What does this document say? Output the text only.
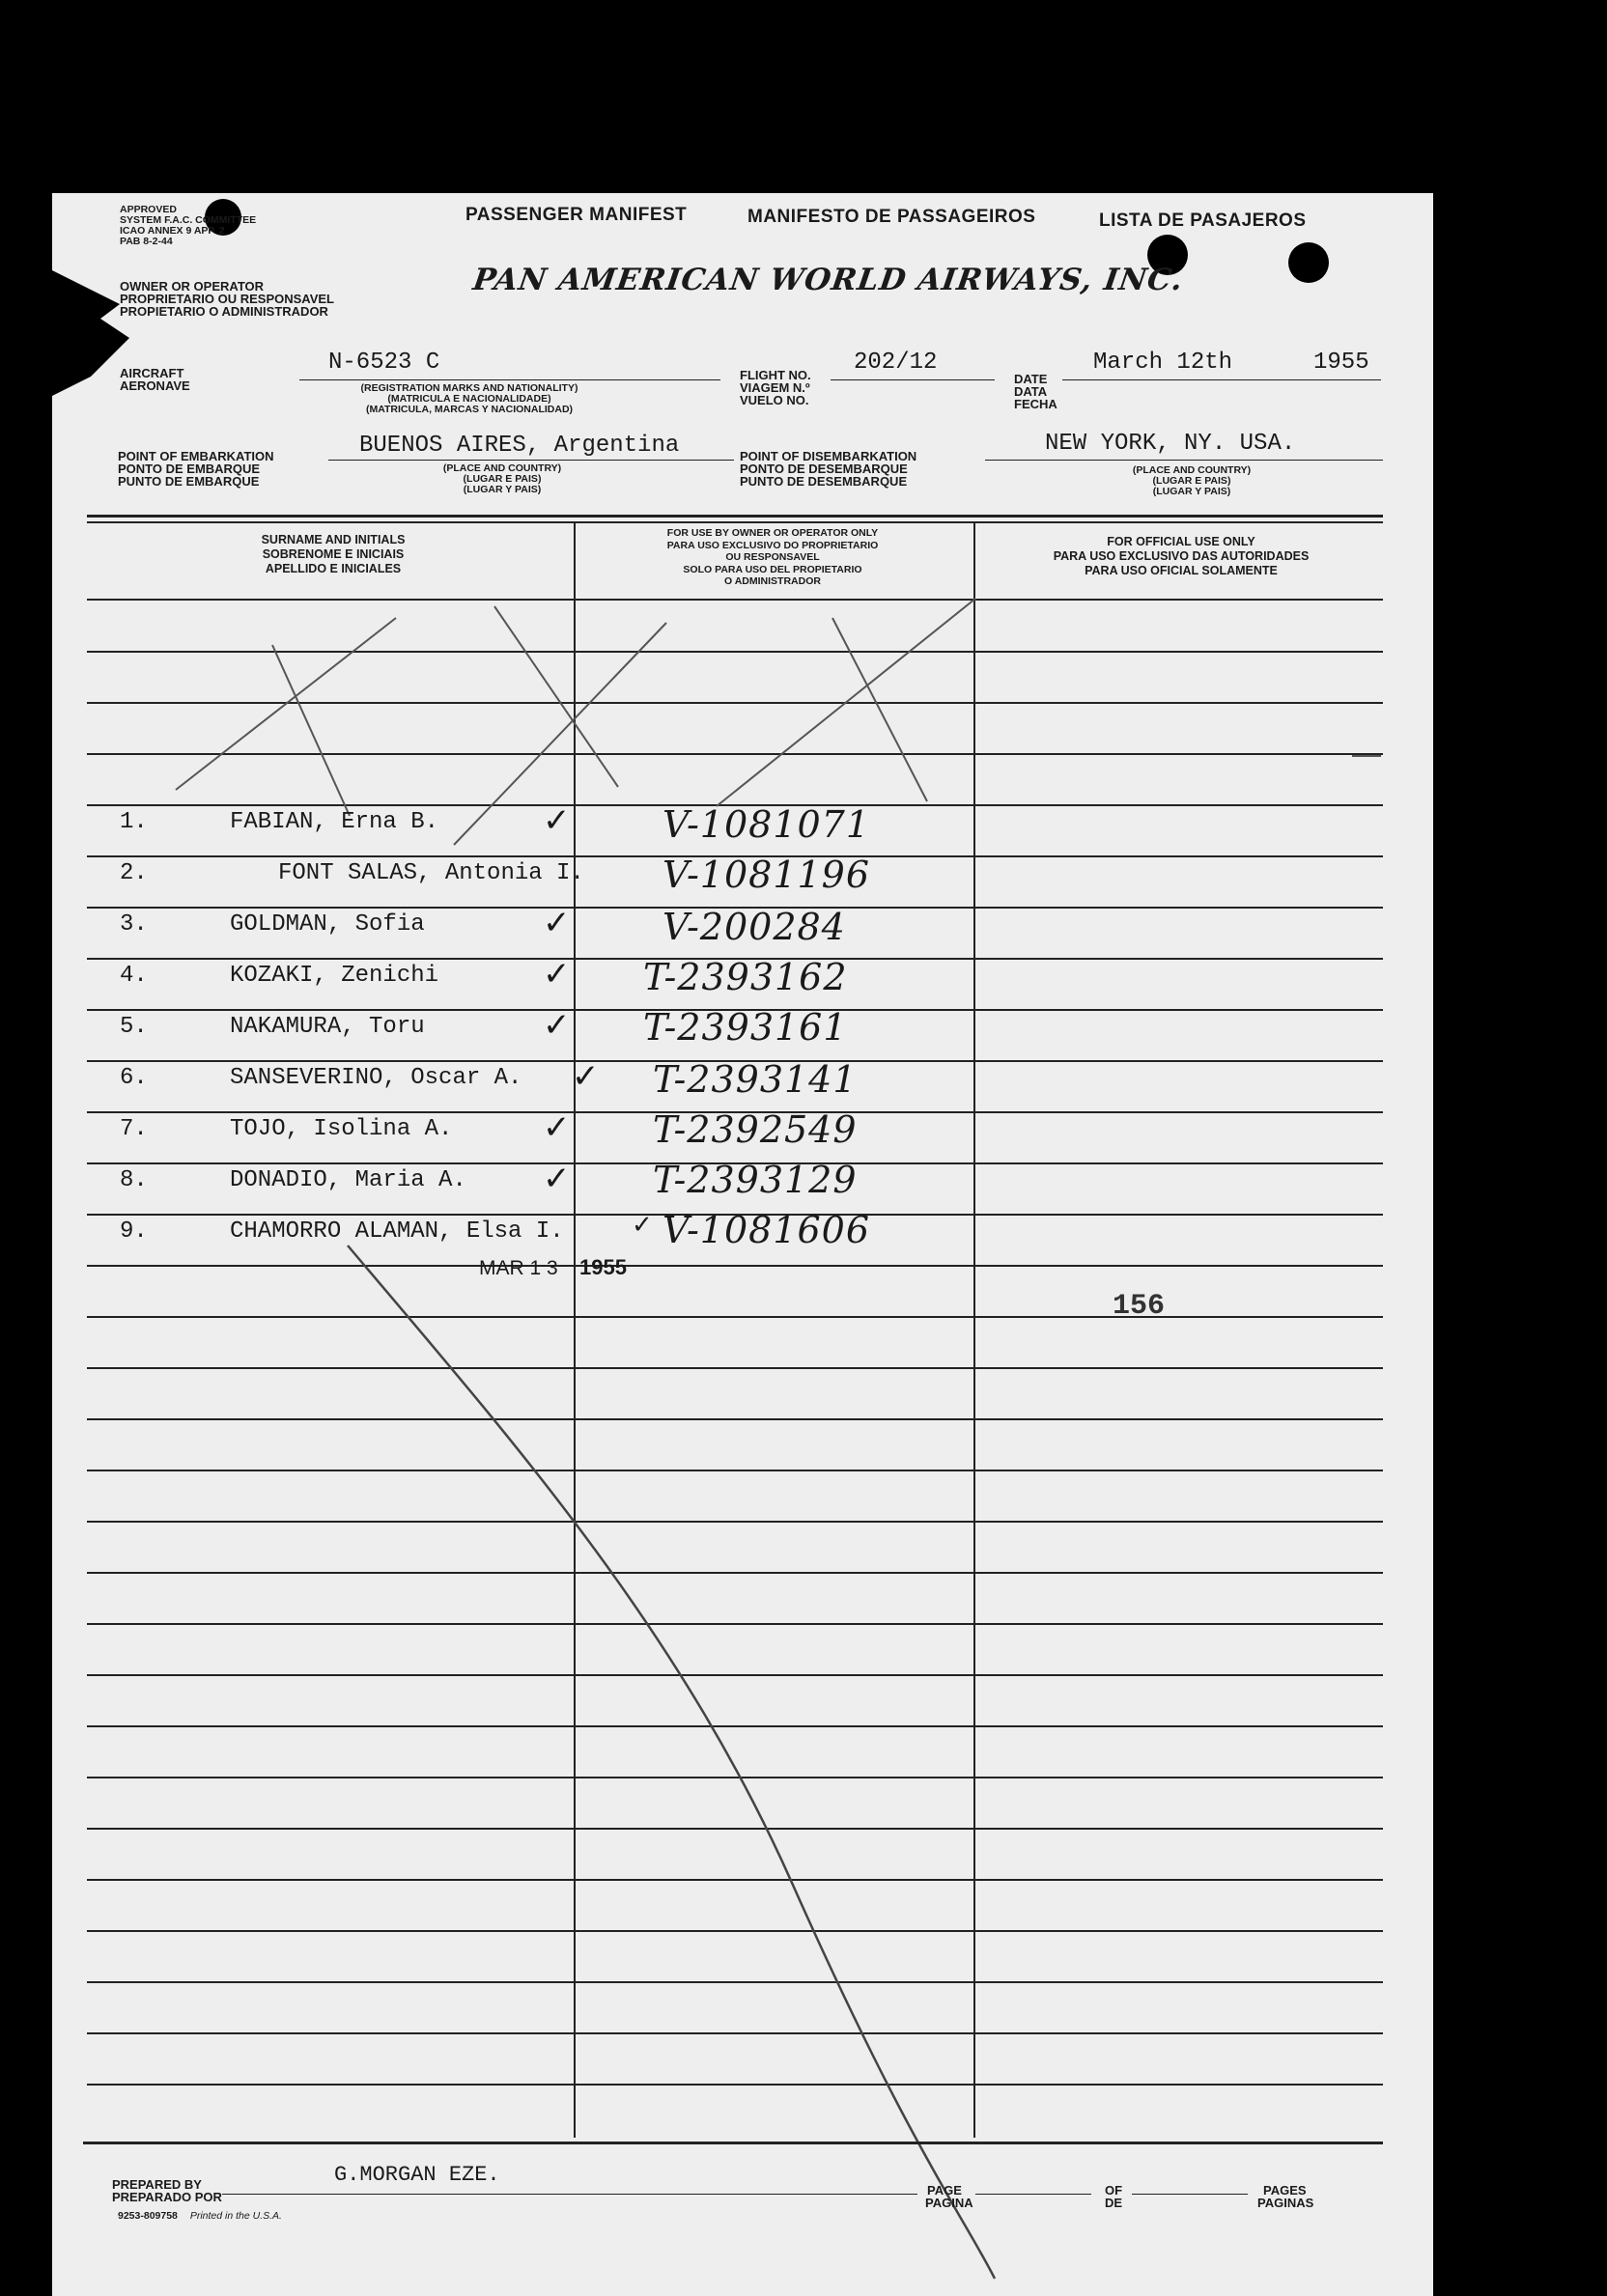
APPROVED
SYSTEM F.A.C. COMMITTEE
ICAO ANNEX 9 APP. 2
PAB 8-2-44
OWNER OR OPERATOR
PROPRIETARIO OU RESPONSAVEL
PROPIETARIO O ADMINISTRADOR
PASSENGER MANIFEST	MANIFESTO DE PASSAGEIROS	LISTA DE PASAJEROS
PAN AMERICAN WORLD AIRWAYS, INC.
AIRCRAFT
AERONAVE
N-6523 C
(REGISTRATION MARKS AND NATIONALITY)
(MATRICULA E NACIONALIDADE)
(MATRICULA, MARCAS Y NACIONALIDAD)
FLIGHT NO.
VIAGEM N.º
VUELO NO.
202/12
DATE
DATA
FECHA
March 12th	1955
POINT OF EMBARKATION
PONTO DE EMBARQUE
PUNTO DE EMBARQUE
BUENOS AIRES, Argentina
(PLACE AND COUNTRY)
(LUGAR E PAIS)
(LUGAR Y PAIS)
POINT OF DISEMBARKATION
PONTO DE DESEMBARQUE
PUNTO DE DESEMBARQUE
NEW YORK, NY. USA.
(PLACE AND COUNTRY)
(LUGAR E PAIS)
(LUGAR Y PAIS)
SURNAME AND INITIALS
SOBRENOME E INICIAIS
APELLIDO E INICIALES
FOR USE BY OWNER OR OPERATOR ONLY
PARA USO EXCLUSIVO DO PROPRIETARIO
OU RESPONSAVEL
SOLO PARA USO DEL PROPIETARIO
O ADMINISTRADOR
FOR OFFICIAL USE ONLY
PARA USO EXCLUSIVO DAS AUTORIDADES
PARA USO OFICIAL SOLAMENTE
1.	FABIAN, Erna B.	✓	V-1081071
2.	FONT SALAS, Antonia I. V-1081196
3.	GOLDMAN, Sofia	✓	V-200284
4.	KOZAKI, Zenichi	✓ T-2393162
5.	NAKAMURA, Toru	✓ T-2393161
6.	SANSEVERINO, Oscar A. ✓ T-2393141
7.	TOJO, Isolina A.	✓ T-2392549
8.	DONADIO, Maria A. ✓ T-2393129
9.	CHAMORRO ALAMAN, Elsa I.	✓ V-1081606
MAR 1 3 1955
156
PREPARED BY
PREPARADO POR
G.MORGAN EZE.
9253-809758 Printed in the U.S.A.
PAGE
PAGINA
OF
DE
PAGES
PAGINAS
